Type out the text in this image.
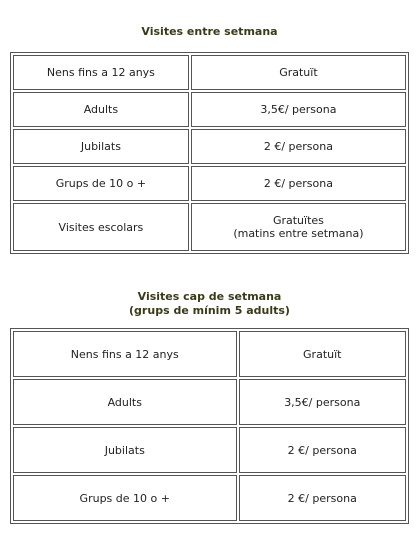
Visites entre setmana
Nens fins a 12 anys	Gratuït

Adults	3,5€/ persona

Jubilats	2 €/ persona

Grups de 10 o +	2 €/ persona

Visites escolars	Gratuïtes
(matins entre setmana)
Visites cap de setmana
(grups de mínim 5 adults)
Nens fins a 12 anys	Gratuït

Adults	3,5€/ persona

Jubilats	2 €/ persona

Grups de 10 o +	2 €/ persona
